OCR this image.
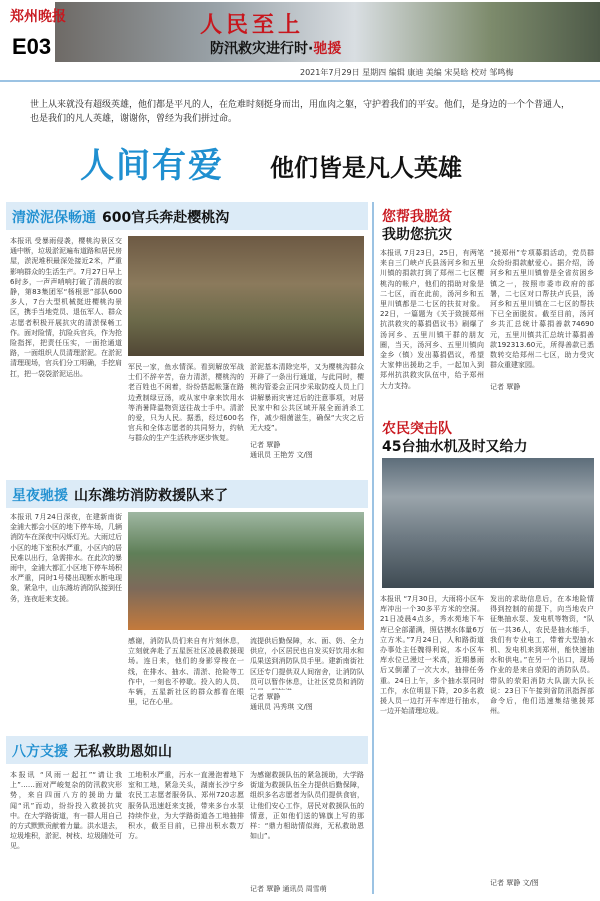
郑州晚报
E03
人民至上
防汛救灾进行时·驰援
2021年7月29日 星期四 编辑 康迪 美编 宋昊晗 校对 邹鸣梅
世上从来就没有超级英雄，他们都是平凡的人，在危难时刻挺身而出，用血肉之躯，守护着我们的平安。他们，是身边的一个个普通人，也是我们的凡人英雄，谢谢你，曾经为我们拼过命。
人间有爱 他们皆是凡人英雄
清淤泥保畅通 600官兵奔赴樱桃沟
本报讯 受暴雨侵袭，樱桃沟景区交通中断，垃圾淤泥遍布道路和居民房屋，淤泥堆积最深处接近2米，严重影响群众的生活生产。7月27日早上6时多，一声声哨响打破了清晨的寂静，第83集团军“杨根思”部队600多人，7台大型机械挺进樱桃沟景区，携手当地党员、退伍军人、群众志愿者积极开展抗灾的清淤保畅工作。面对险情，抗险兵官兵，作为抢险指挥，把责任压实，一面抢通道路，一面组织人员清理淤泥。在淤泥清理现场，官兵们分工明确，手挖肩扛，把一袋袋淤泥运出。
军民一家，鱼水情深。看到解放军战士们不辞辛苦，奋力清淤，樱桃沟的老百姓也不闲着，纷纷搭起帐篷在路边煮制绿豆汤，或从家中拿来饮用水等消暑降温物资送往战士手中。清淤的爱，只为人民。据悉，经过600名官兵和全体志愿者的共同努力，约轨与群众的生产生活秩序逐步恢复。
淤泥基本清除完毕，又为樱桃沟群众开辟了一条出行通道，与此同时，樱桃沟管委会正同步采取防疫人员上门讲解暴雨灾害过后的注意事项，对居民家中和公共区域开展全面消杀工作，减少细菌滋生，确保“大灾之后无大疫”。
记者 覃静
通讯员 王艳芳 文/图
星夜驰援 山东潍坊消防救援队来了
本报讯 7月24日深夜，在建新南街金浦大都会小区的地下停车场，几辆消防车在深夜中闪烁灯光。大雨过后小区的地下室积水严重，小区内的居民难以出行，急需排水。在此次的暴雨中，金浦大都汇小区地下停车场积水严重，同时1号楼出现断水断电现象，紧急中，山东潍坊消防队接到任务，连夜赶来支援。
感谢，消防队员们来自有片刻休息，立刻就奔赴了五星医社区凌晨救援现场。连日来，他们的身影穿梭在一线，在排水、抽水、清淤、抢险等工作中，一刻也不停歇。投入的人员、车辆，五星新社区的群众都看在眼里，记在心里。
流提供后勤保障，水、面、奶、全力供应，小区居民也自发买好饮用水和瓜果送到消防队员手里。建新南街社区还专门提供双人间宿舍，让消防队员可以暂作休息，让社区党员和消防
记者 覃静
通讯员 冯秀琪 文/图
八方支援 无私救助恩如山
本报讯 “风雨一起扛”“请让我上”……面对严峻复杂的防汛救灾形势，来自四面八方的援助力量闻“讯”而动，纷纷投入救援抗灾中。在大学路街道，有一群人用自己的方式默默贡献着力量。洪水退去，垃圾堆积，淤泥、树枝、垃圾随处可见。
工地积水严重，污水一直漫泡着地下室和工地，紧急关头，湖南长沙宁乡农民工志愿者服务队、郑州720志愿服务队迅速赶来支援，带来多台水泵持续作业，为大学路街道各工地抽排积水，截至目前，已排出积水数万方。
为感谢救援队伍的紧急援助，大学路街道为救援队伍全力提供后勤保障，组织多名志愿者为队员们提供食宿，让他们安心工作，居民对救援队伍的情意，正如他们送的锦旗上写的那样：“鼎力相助情似海，无私救助恩如山”。
记者 覃静 通讯员 周雪萌
您帮我脱贫
我助您抗灾
本报讯 7月23日，25日，有两笔来自三门峡卢氏县汤河乡和五里川镇的捐款打到了郑州二七区樱桃沟的帐户，他们的捐助对象是二七区，而在此前，汤河乡和五里川镇都是二七区的扶贫对象。22日，一篇题为《关于致援郑州抗洪救灾的募捐倡议书》刷爆了汤河乡、五里川镇干群的朋友圈，当天，汤河乡、五里川镇向金乡（镇）发出募捐倡议，希望大家伸出援助之手，一起加入到郑州抗洪救灾队伍中，给予郑州大力支持。
“援郑州”专项募捐活动，党员群众纷纷捐款献爱心。据介绍，汤河乡和五里川镇曾是全省贫困乡镇之一，按照市委市政府的部署，二七区对口帮扶卢氏县，汤河乡和五里川镇在二七区的帮扶下已全面脱贫。截至目前，汤河乡共汇总统计募捐善款74690元，五里川镇共汇总统计募捐善款192313.60元，所得善款已悉数转交给郑州二七区，助力受灾群众重建家园。
记者 覃静
农民突击队
45台抽水机及时又给力
本报讯 “7月30日，大雨将小区车库冲出一个30多平方米的空洞。21日凌晨4点多，秀水苑地下车库已全部灌满，照估摸水体量6万立方米。”7月24日，人和路街道办事处主任魏得利说，本小区车库水位已漫过一米高，近期暴雨后又倒灌了一次大水，抽排任务重。24日上午，多个抽水泵同时工作，水位明显下降，20多名救援人员一边打开车库进行抽水，一边开始清理垃圾。
发出的求助信息后，在本地险情得到控制的前提下，向当地农户征集抽水泵、发电机等物资，“队伍一共36人，农民是抽水能手，我们有专业电工，带着大型抽水机、发电机来到郑州，能快速抽水和供电。”在另一个出口，现场作业的是来自荥阳的消防队员。带队的荥阳消防大队副大队长说：23日下午接到省防汛指挥部命令后，他们迅速集结驰援郑州。
记者 覃静 文/图
